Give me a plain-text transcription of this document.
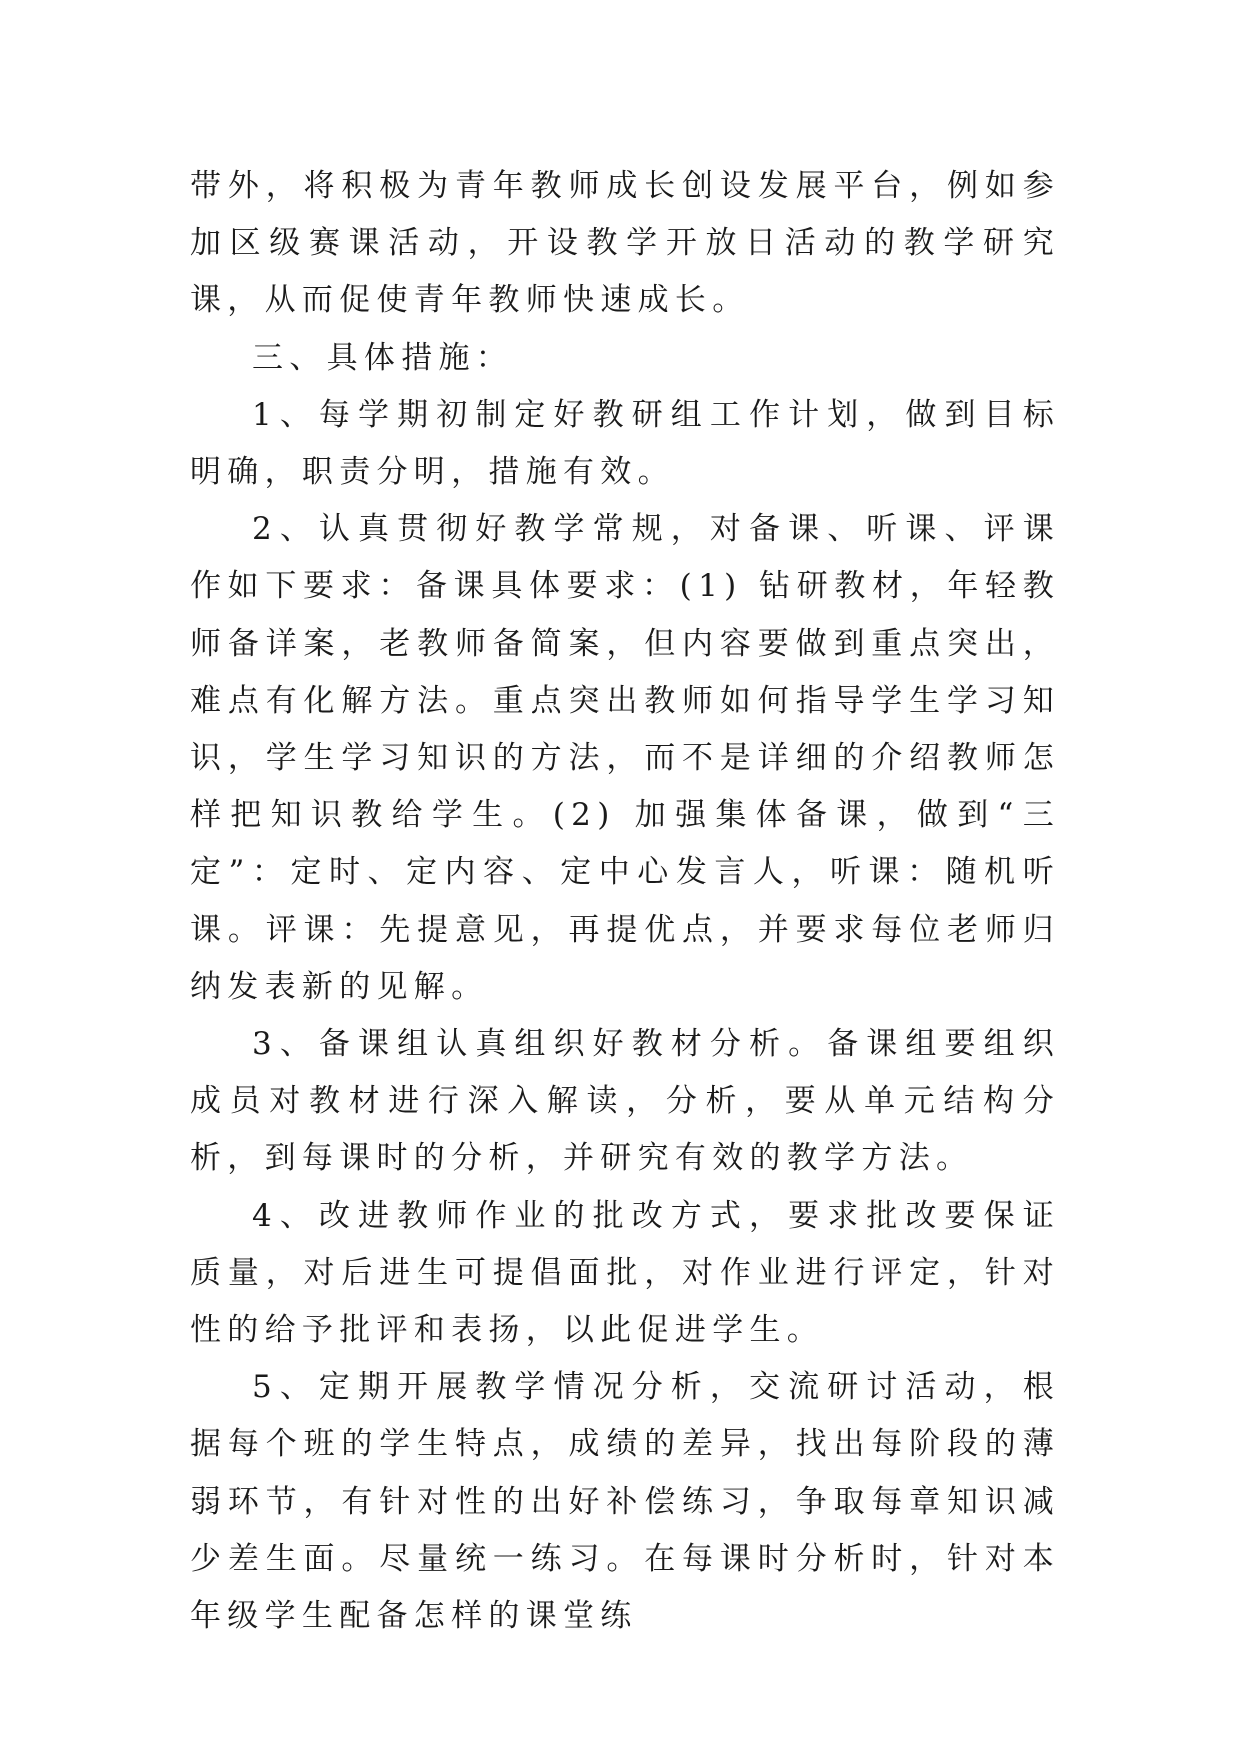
带外，将积极为青年教师成长创设发展平台，例如参加区级赛课活动，开设教学开放日活动的教学研究课，从而促使青年教师快速成长。

三、具体措施：

1、每学期初制定好教研组工作计划，做到目标明确，职责分明，措施有效。

2、认真贯彻好教学常规，对备课、听课、评课作如下要求：备课具体要求：(1) 钻研教材，年轻教师备详案，老教师备简案，但内容要做到重点突出，难点有化解方法。重点突出教师如何指导学生学习知识，学生学习知识的方法，而不是详细的介绍教师怎样把知识教给学生。(2) 加强集体备课，做到“三定”：定时、定内容、定中心发言人，听课：随机听课。评课：先提意见，再提优点，并要求每位老师归纳发表新的见解。

3、备课组认真组织好教材分析。备课组要组织成员对教材进行深入解读，分析，要从单元结构分析，到每课时的分析，并研究有效的教学方法。

4、改进教师作业的批改方式，要求批改要保证质量，对后进生可提倡面批，对作业进行评定，针对性的给予批评和表扬，以此促进学生。

5、定期开展教学情况分析，交流研讨活动，根据每个班的学生特点，成绩的差异，找出每阶段的薄弱环节，有针对性的出好补偿练习，争取每章知识减少差生面。尽量统一练习。在每课时分析时，针对本年级学生配备怎样的课堂练
